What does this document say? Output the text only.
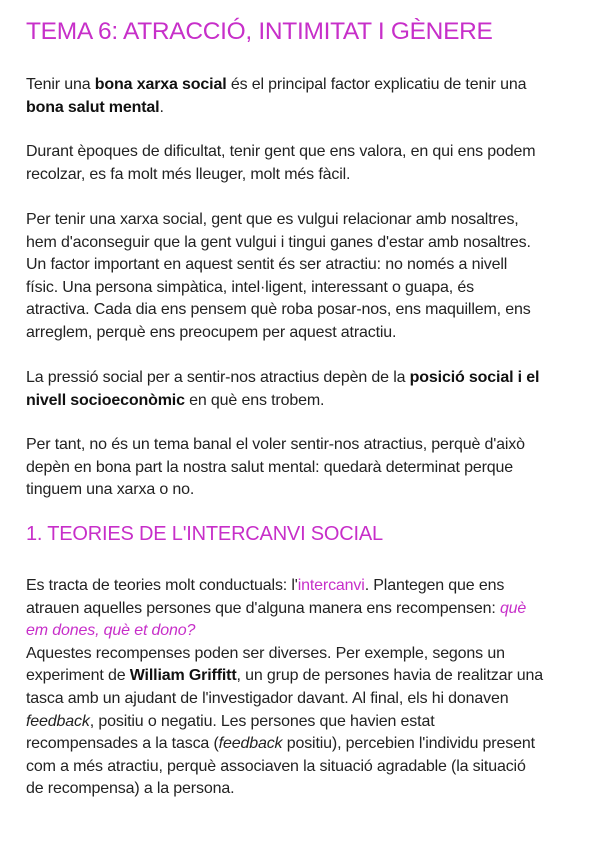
TEMA 6: ATRACCIÓ, INTIMITAT I GÈNERE

Tenir una bona xarxa social és el principal factor explicatiu de tenir una
bona salut mental.

Durant èpoques de dificultat, tenir gent que ens valora, en qui ens podem
recolzar, es fa molt més lleuger, molt més fàcil.

Per tenir una xarxa social, gent que es vulgui relacionar amb nosaltres,
hem d'aconseguir que la gent vulgui i tingui ganes d'estar amb nosaltres.
Un factor important en aquest sentit és ser atractiu: no només a nivell
físic. Una persona simpàtica, intel·ligent, interessant o guapa, és
atractiva. Cada dia ens pensem què roba posar-nos, ens maquillem, ens
arreglem, perquè ens preocupem per aquest atractiu.

La pressió social per a sentir-nos atractius depèn de la posició social i el
nivell socioeconòmic en què ens trobem.

Per tant, no és un tema banal el voler sentir-nos atractius, perquè d'això
depèn en bona part la nostra salut mental: quedarà determinat perque
tinguem una xarxa o no.

1. TEORIES DE L'INTERCANVI SOCIAL

Es tracta de teories molt conductuals: l'intercanvi. Plantegen que ens
atrauen aquelles persones que d'alguna manera ens recompensen: què
em dones, què et dono?
Aquestes recompenses poden ser diverses. Per exemple, segons un
experiment de William Griffitt, un grup de persones havia de realitzar una
tasca amb un ajudant de l'investigador davant. Al final, els hi donaven
feedback, positiu o negatiu. Les persones que havien estat
recompensades a la tasca (feedback positiu), percebien l'individu present
com a més atractiu, perquè associaven la situació agradable (la situació
de recompensa) a la persona.
